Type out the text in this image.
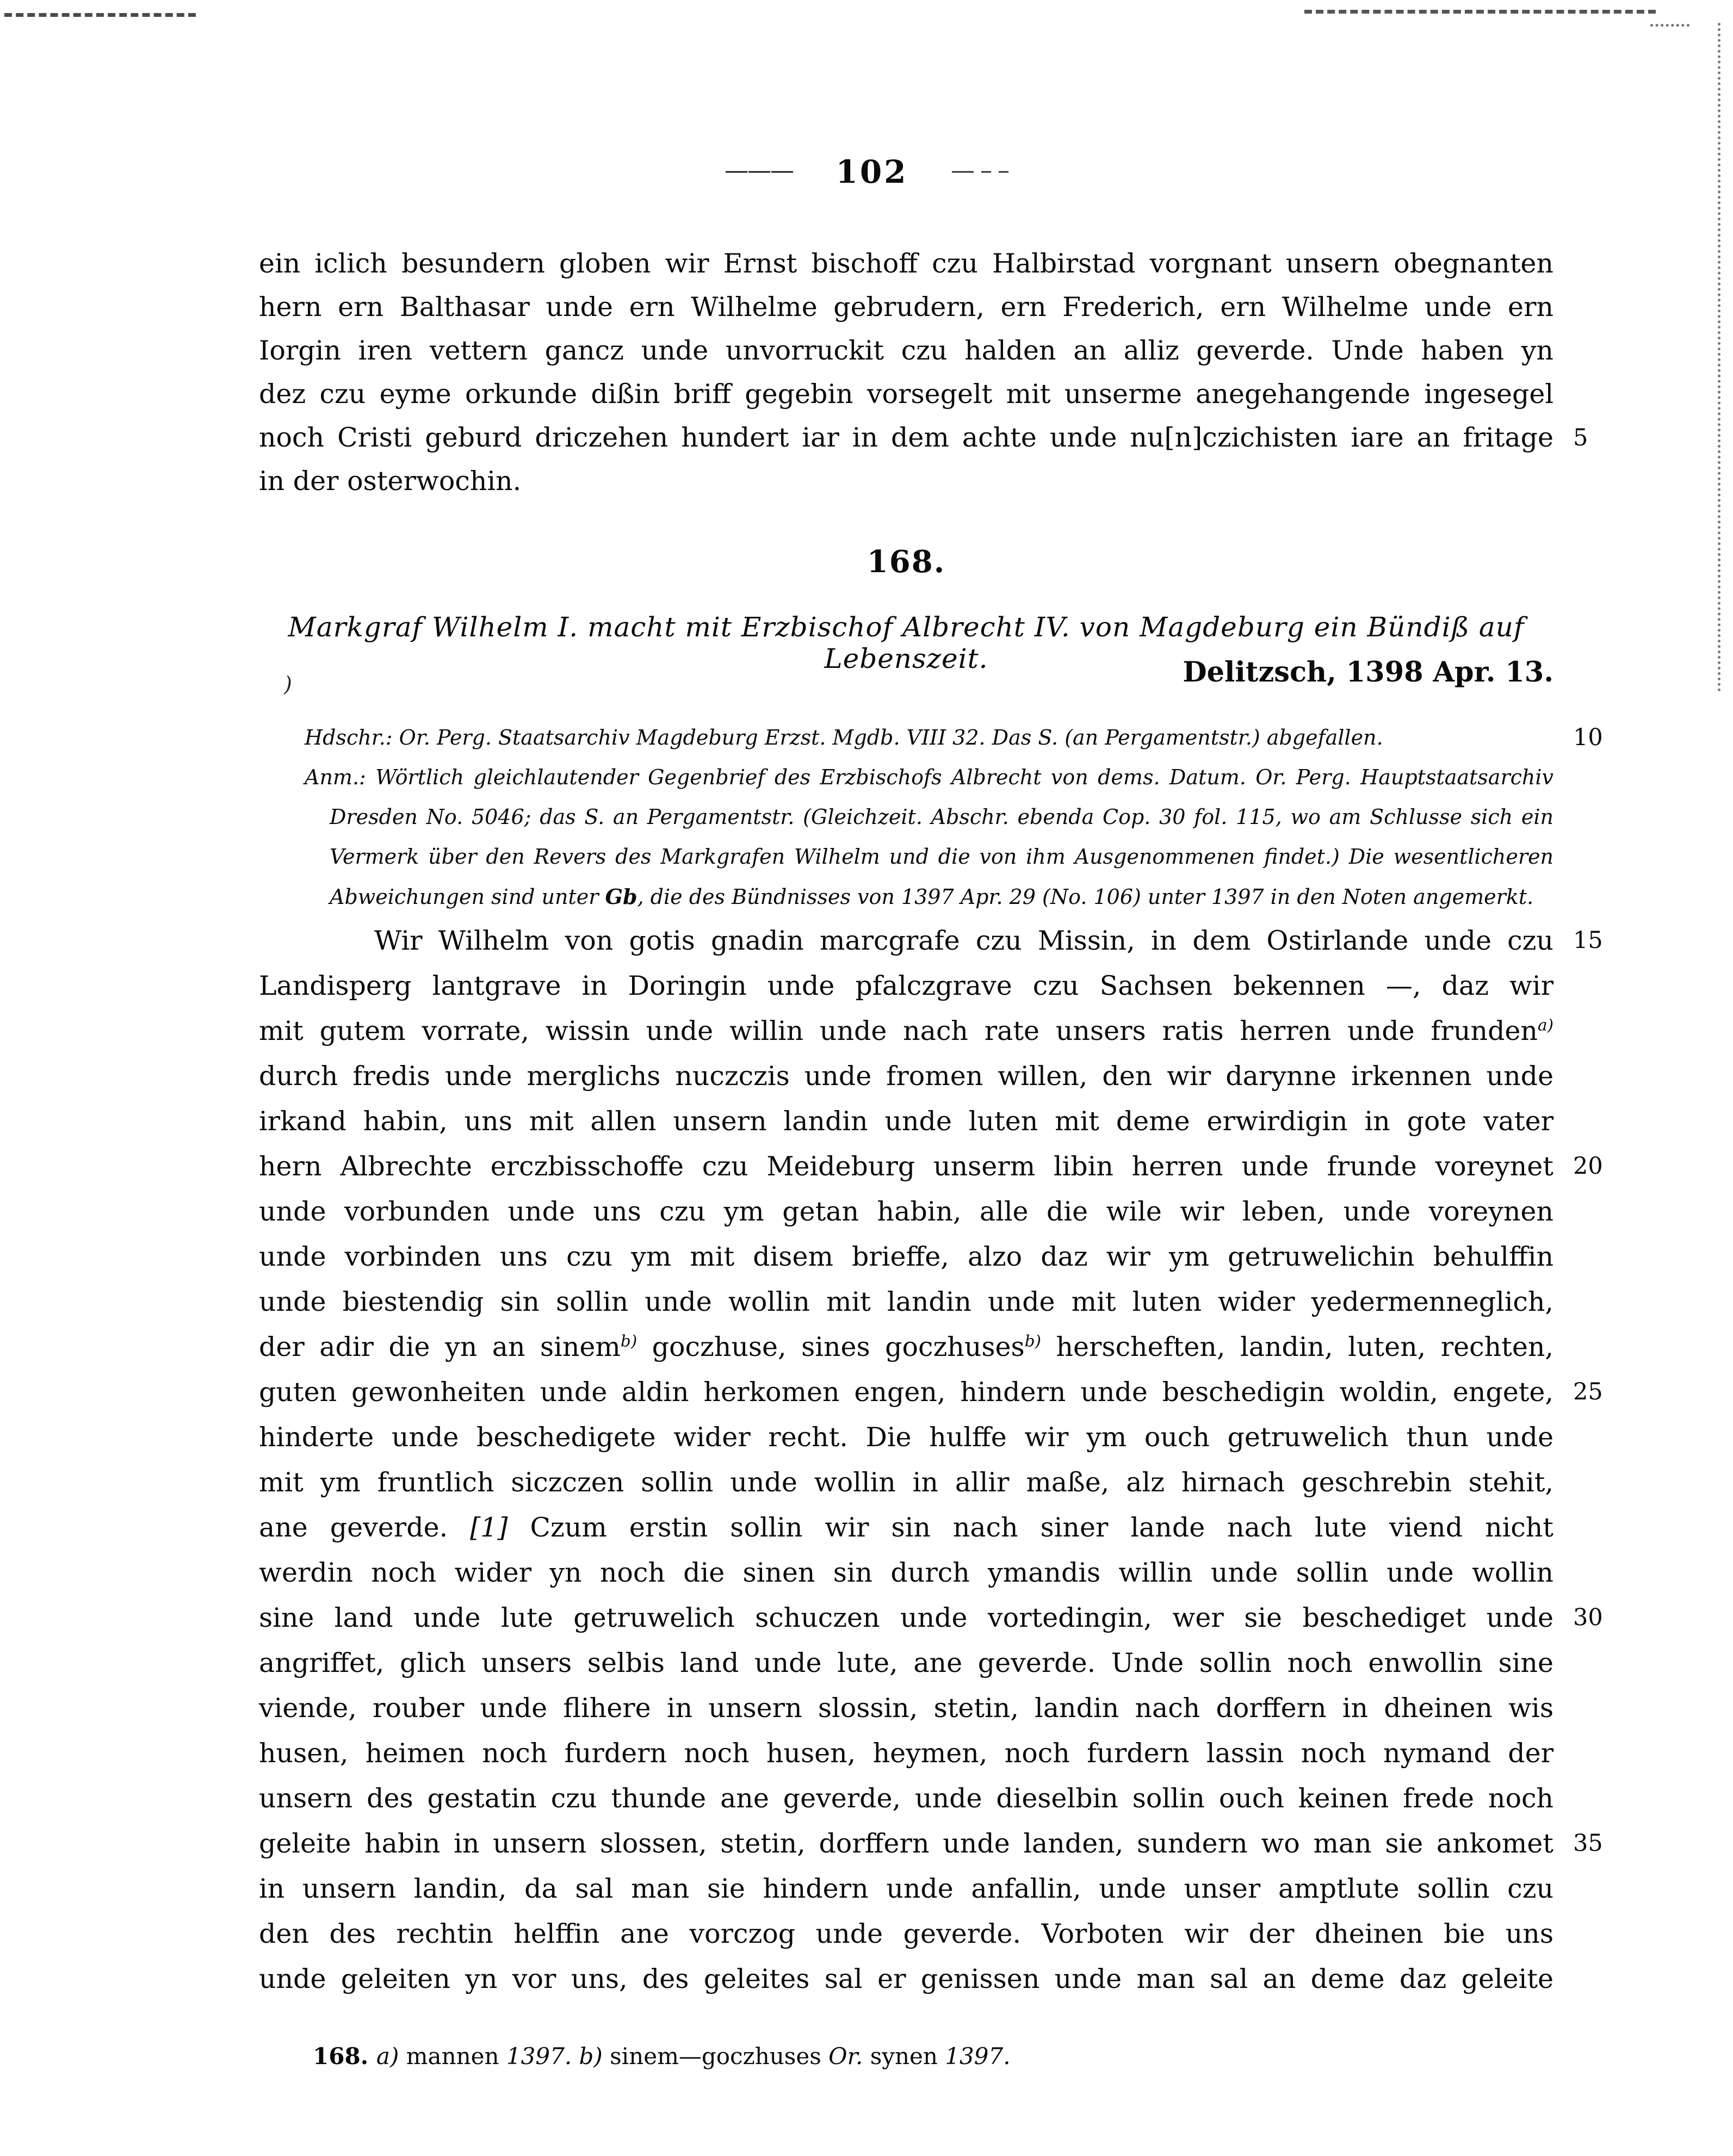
)
——— 102 — – –
ein iclich besundern globen wir Ernst bischoff czu Halbirstad vorgnant unsern obegnanten
hern ern Balthasar unde ern Wilhelme gebrudern, ern Frederich, ern Wilhelme unde ern
Iorgin iren vettern gancz unde unvorruckit czu halden an alliz geverde. Unde haben yn
dez czu eyme orkunde dißin briff gegebin vorsegelt mit unserme anegehangende ingesegel
noch Cristi geburd driczehen hundert iar in dem achte unde nu[n]czichisten iare an fritage 5
in der osterwochin.
168.
Markgraf Wilhelm I. macht mit Erzbischof Albrecht IV. von Magdeburg ein Bündiß auf Lebenszeit.	Delitzsch, 1398 Apr. 13.
Hdschr.: Or. Perg. Staatsarchiv Magdeburg Erzst. Mgdb. VIII 32. Das S. (an Pergamentstr.) abgefallen.	10
Anm.: Wörtlich gleichlautender Gegenbrief des Erzbischofs Albrecht von dems. Datum. Or. Perg. Hauptstaatsarchiv
Dresden No. 5046; das S. an Pergamentstr. (Gleichzeit. Abschr. ebenda Cop. 30 fol. 115, wo am Schlusse sich ein
Vermerk über den Revers des Markgrafen Wilhelm und die von ihm Ausgenommenen findet.) Die wesentlicheren
Abweichungen sind unter Gb, die des Bündnisses von 1397 Apr. 29 (No. 106) unter 1397 in den Noten angemerkt.
Wir Wilhelm von gotis gnadin marcgrafe czu Missin, in dem Ostirlande unde czu 15
Landisperg lantgrave in Doringin unde pfalczgrave czu Sachsen bekennen —, daz wir
mit gutem vorrate, wissin unde willin unde nach rate unsers ratis herren unde frunden$^{a)}$
durch fredis unde merglichs nuczczis unde fromen willen, den wir darynne irkennen unde
irkand habin, uns mit allen unsern landin unde luten mit deme erwirdigin in gote vater
hern Albrechte erczbisschoffe czu Meideburg unserm libin herren unde frunde voreynet 20
unde vorbunden unde uns czu ym getan habin, alle die wile wir leben, unde voreynen
unde vorbinden uns czu ym mit disem brieffe, alzo daz wir ym getruwelichin behulffin
unde biestendig sin sollin unde wollin mit landin unde mit luten wider yedermenneglich,
der adir die yn an sinem$^{b)}$ goczhuse, sines goczhuses$^{b)}$ herscheften, landin, luten, rechten,
guten gewonheiten unde aldin herkomen engen, hindern unde beschedigin woldin, engete, 25
hinderte unde beschedigete wider recht. Die hulffe wir ym ouch getruwelich thun unde
mit ym fruntlich siczczen sollin unde wollin in allir maße, alz hirnach geschrebin stehit,
ane geverde. [1] Czum erstin sollin wir sin nach siner lande nach lute viend nicht
werdin noch wider yn noch die sinen sin durch ymandis willin unde sollin unde wollin
sine land unde lute getruwelich schuczen unde vortedingin, wer sie beschediget unde 30
angriffet, glich unsers selbis land unde lute, ane geverde. Unde sollin noch enwollin sine
viende, rouber unde flihere in unsern slossin, stetin, landin nach dorffern in dheinen wis
husen, heimen noch furdern noch husen, heymen, noch furdern lassin noch nymand der
unsern des gestatin czu thunde ane geverde, unde dieselbin sollin ouch keinen frede noch
geleite habin in unsern slossen, stetin, dorffern unde landen, sundern wo man sie ankomet 35
in unsern landin, da sal man sie hindern unde anfallin, unde unser amptlute sollin czu
den des rechtin helffin ane vorczog unde geverde. Vorboten wir der dheinen bie uns
unde geleiten yn vor uns, des geleites sal er genissen unde man sal an deme daz geleite
168. a) mannen 1397. b) sinem—goczhuses Or. synen 1397.
